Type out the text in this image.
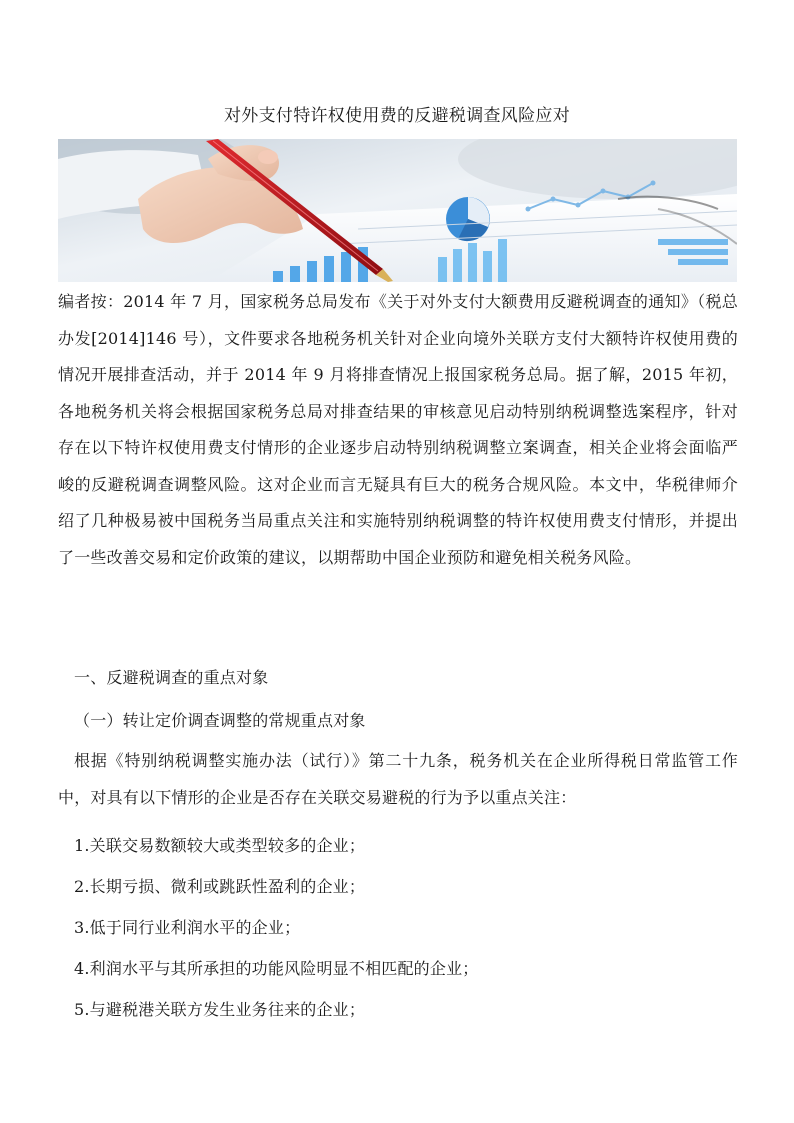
对外支付特许权使用费的反避税调查风险应对
编者按：2014 年 7 月，国家税务总局发布《关于对外支付大额费用反避税调查的通知》（税总办发[2014]146 号），文件要求各地税务机关针对企业向境外关联方支付大额特许权使用费的情况开展排查活动，并于 2014 年 9 月将排查情况上报国家税务总局。据了解，2015 年初，各地税务机关将会根据国家税务总局对排查结果的审核意见启动特别纳税调整选案程序，针对存在以下特许权使用费支付情形的企业逐步启动特别纳税调整立案调查，相关企业将会面临严峻的反避税调查调整风险。这对企业而言无疑具有巨大的税务合规风险。本文中，华税律师介绍了几种极易被中国税务当局重点关注和实施特别纳税调整的特许权使用费支付情形，并提出了一些改善交易和定价政策的建议，以期帮助中国企业预防和避免相关税务风险。
一、反避税调查的重点对象
（一）转让定价调查调整的常规重点对象
根据《特别纳税调整实施办法（试行）》第二十九条，税务机关在企业所得税日常监管工作中，对具有以下情形的企业是否存在关联交易避税的行为予以重点关注：
1.关联交易数额较大或类型较多的企业；
2.长期亏损、微利或跳跃性盈利的企业；
3.低于同行业利润水平的企业；
4.利润水平与其所承担的功能风险明显不相匹配的企业；
5.与避税港关联方发生业务往来的企业；
